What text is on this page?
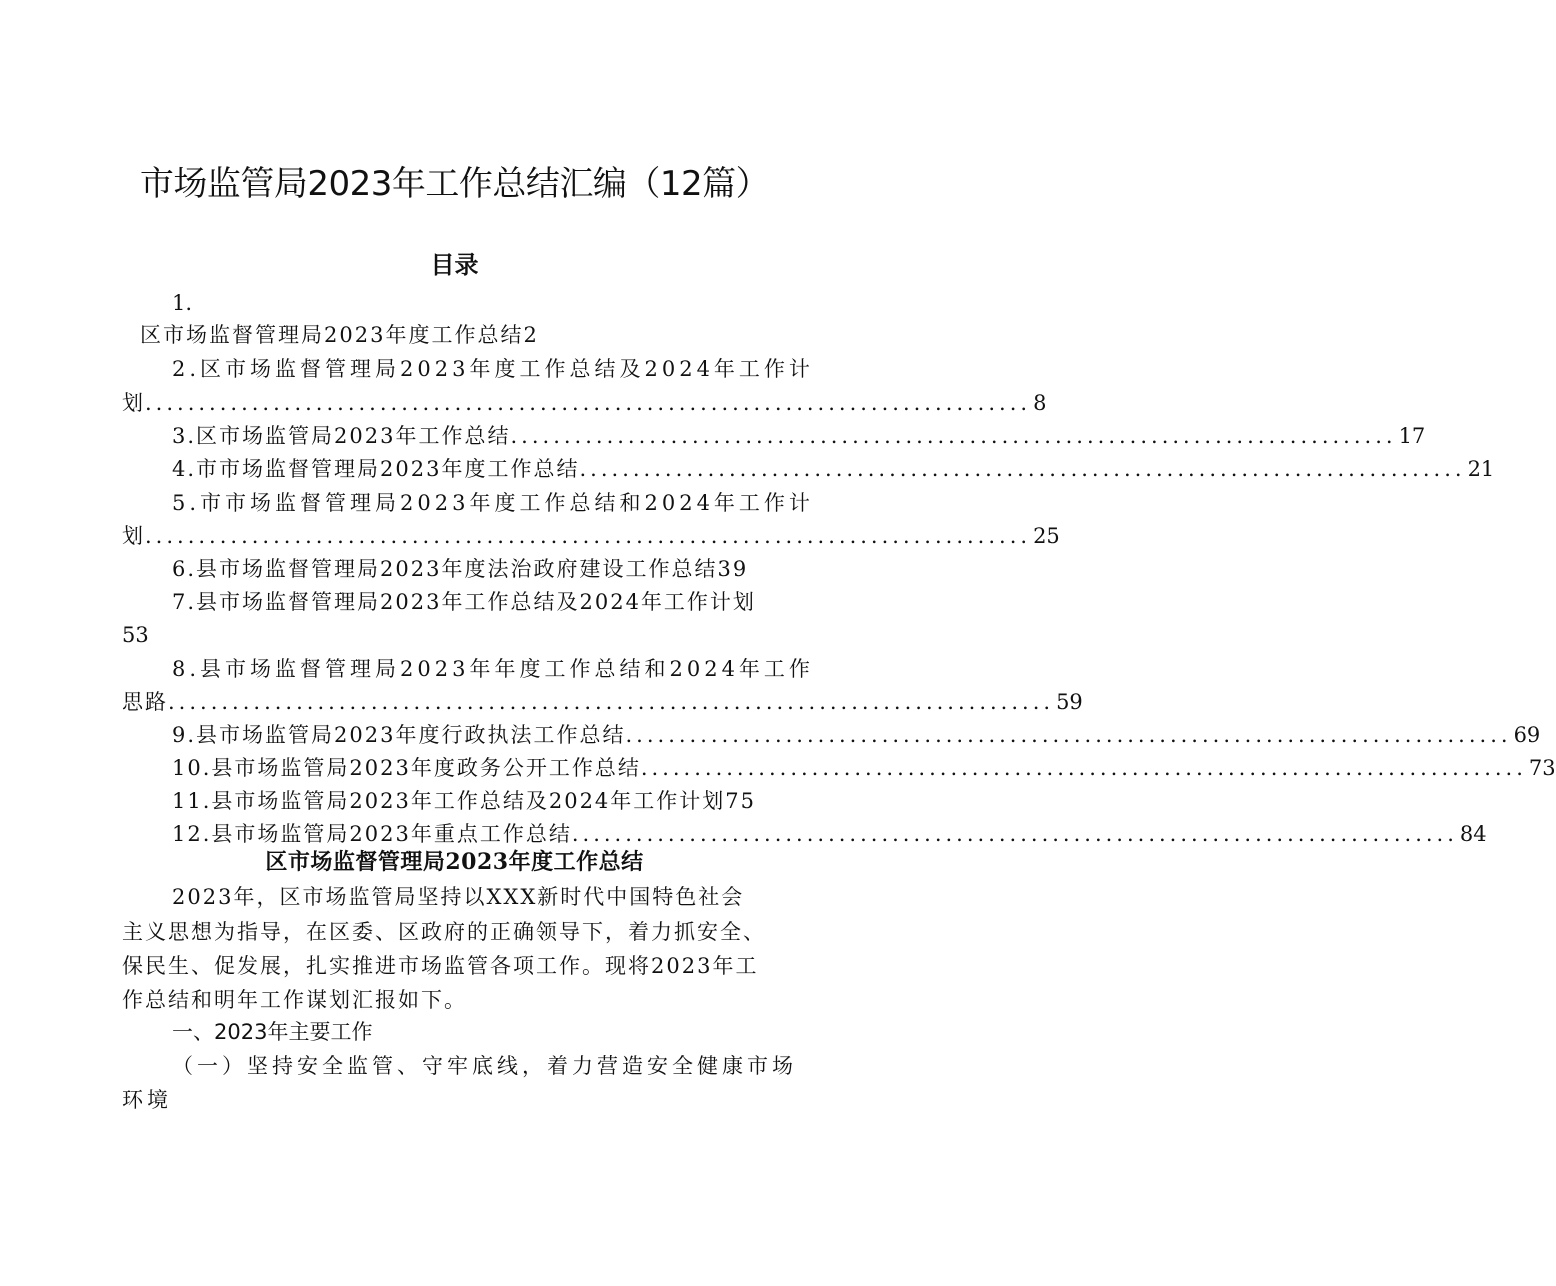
市场监管局2023年工作总结汇编（12篇）
目录
1.
区市场监督管理局2023年度工作总结2
2.区市场监督管理局2023年度工作总结及2024年工作计
划 ................................................................................... 8
3. 区市场监管局2023年工作总结 ................................................................................... 17
4. 市市场监督管理局2023年度工作总结 ................................................................................... 21
5.市市场监督管理局2023年度工作总结和2024年工作计
划 ................................................................................... 25
6.县市场监督管理局2023年度法治政府建设工作总结39
7.县市场监督管理局2023年工作总结及2024年工作计划
53
8.县市场监督管理局2023年年度工作总结和2024年工作
思路 ................................................................................... 59
9. 县市场监管局2023年度行政执法工作总结 ................................................................................... 69
10. 县市场监管局2023年度政务公开工作总结 ................................................................................... 73
11.县市场监管局2023年工作总结及2024年工作计划75
12. 县市场监管局2023年重点工作总结 ................................................................................... 84
区市场监督管理局2023年度工作总结
2023年，区市场监管局坚持以XXX新时代中国特色社会
主义思想为指导，在区委、区政府的正确领导下，着力抓安全、
保民生、促发展，扎实推进市场监管各项工作。现将2023年工
作总结和明年工作谋划汇报如下。
一、2023年主要工作
（一）坚持安全监管、守牢底线，着力营造安全健康市场
环境
